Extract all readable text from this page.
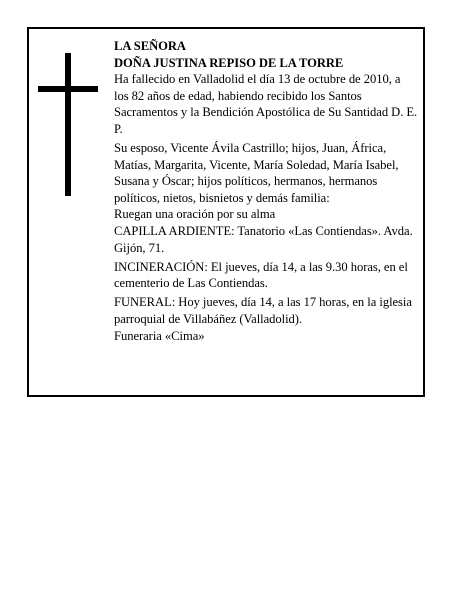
LA SEÑORA

DOÑA JUSTINA REPISO DE LA TORRE

Ha fallecido en Valladolid el día 13 de octubre de 2010, a los 82 años de edad, habiendo recibido los Santos Sacramentos y la Bendición Apostólica de Su Santidad D. E. P.

Su esposo, Vicente Ávila Castrillo; hijos, Juan, África, Matías, Margarita, Vicente, María Soledad, María Isabel, Susana y Óscar; hijos políticos, hermanos, hermanos políticos, nietos, bisnietos y demás familia:

Ruegan una oración por su alma

CAPILLA ARDIENTE: Tanatorio «Las Contiendas». Avda. Gijón, 71.

INCINERACIÓN: El jueves, día 14, a las 9.30 horas, en el cementerio de Las Contiendas.

FUNERAL: Hoy jueves, día 14, a las 17 horas, en la iglesia parroquial de Villabáñez (Valladolid).

Funeraria «Cima»
